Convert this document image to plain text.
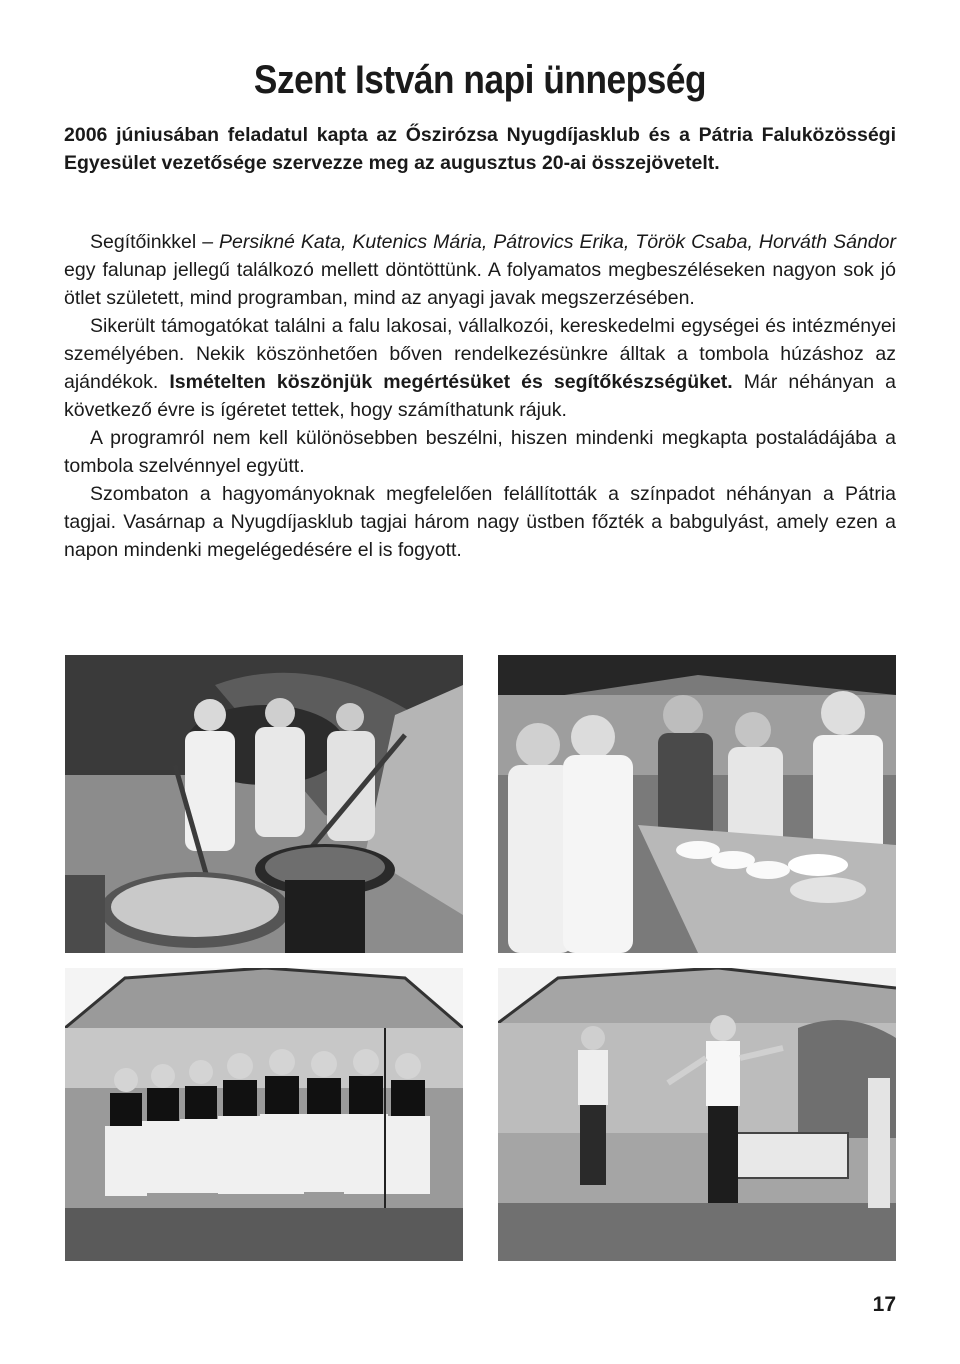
Szent István napi ünnepség

2006 júniusában feladatul kapta az Őszirózsa Nyugdíjasklub és a Pátria Faluközösségi Egyesület vezetősége szervezze meg az augusztus 20-ai összejövetelt.

Segítőinkkel – Persikné Kata, Kutenics Mária, Pátrovics Erika, Török Csaba, Horváth Sándor egy falunap jellegű találkozó mellett döntöttünk. A folyamatos megbeszéléseken nagyon sok jó ötlet született, mind programban, mind az anyagi javak megszerzésében.

Sikerült támogatókat találni a falu lakosai, vállalkozói, kereskedelmi egységei és intézményei személyében. Nekik köszönhetően bőven rendelkezésünkre álltak a tombola húzáshoz az ajándékok. Ismételten köszönjük megértésüket és segítőkészségüket. Már néhányan a következő évre is ígéretet tettek, hogy számíthatunk rájuk.

A programról nem kell különösebben beszélni, hiszen mindenki megkapta postaládájába a tombola szelvénnyel együtt.

Szombaton a hagyományoknak megfelelően felállították a színpadot néhányan a Pátria tagjai. Vasárnap a Nyugdíjasklub tagjai három nagy üstben főzték a babgulyást, amely ezen a napon mindenki megelégedésére el is fogyott.

17
